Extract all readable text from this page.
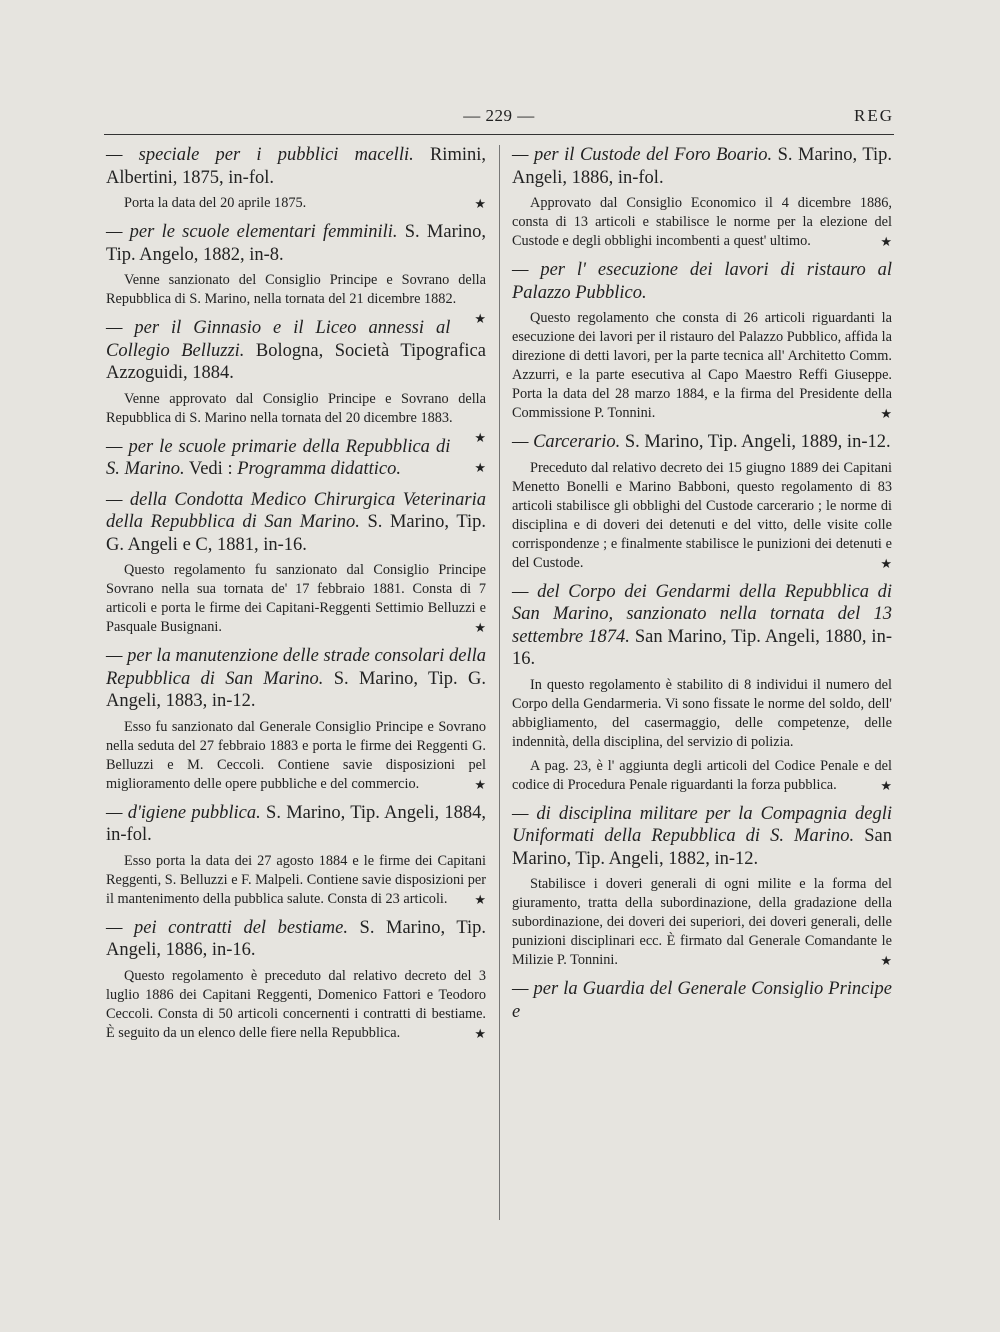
— 229 —	REG

— speciale per i pubblici macelli. Rimini, Albertini, 1875, in-fol.

Porta la data del 20 aprile 1875.	★

— per le scuole elementari femminili. S. Marino, Tip. Angelo, 1882, in-8.

Venne sanzionato del Consiglio Principe e Sovrano della Repubblica di S. Marino, nella tornata del 21 dicembre 1882.
★

— per il Ginnasio e il Liceo annessi al Collegio Belluzzi. Bologna, Società Tipografica Azzoguidi, 1884.

Venne approvato dal Consiglio Principe e Sovrano della Repubblica di S. Marino nella tornata del 20 dicembre 1883.
★

— per le scuole primarie della Repubblica di S. Marino. Vedi : Programma didattico.	★

— della Condotta Medico Chirurgica Veterinaria della Repubblica di San Marino. S. Marino, Tip. G. Angeli e C, 1881, in-16.

Questo regolamento fu sanzionato dal Consiglio Principe Sovrano nella sua tornata de' 17 febbraio 1881. Consta di 7 articoli e porta le firme dei Capitani-Reggenti Settimio Belluzzi e Pasquale Busignani.	★

— per la manutenzione delle strade consolari della Repubblica di San Marino. S. Marino, Tip. G. Angeli, 1883, in-12.

Esso fu sanzionato dal Generale Consiglio Principe e Sovrano nella seduta del 27 febbraio 1883 e porta le firme dei Reggenti G. Belluzzi e M. Ceccoli. Contiene savie disposizioni pel miglioramento delle opere pubbliche e del commercio.	★

— d'igiene pubblica. S. Marino, Tip. Angeli, 1884, in-fol.

Esso porta la data dei 27 agosto 1884 e le firme dei Capitani Reggenti, S. Belluzzi e F. Malpeli. Contiene savie disposizioni per il mantenimento della pubblica salute. Consta di 23 articoli.	★

— pei contratti del bestiame. S. Marino, Tip. Angeli, 1886, in-16.

Questo regolamento è preceduto dal relativo decreto del 3 luglio 1886 dei Capitani Reggenti, Domenico Fattori e Teodoro Ceccoli. Consta di 50 articoli concernenti i contratti di bestiame. È seguito da un elenco delle fiere nella Repubblica.	★

— per il Custode del Foro Boario. S. Marino, Tip. Angeli, 1886, in-fol.

Approvato dal Consiglio Economico il 4 dicembre 1886, consta di 13 articoli e stabilisce le norme per la elezione del Custode e degli obblighi incombenti a quest' ultimo.	★

— per l' esecuzione dei lavori di ristauro al Palazzo Pubblico.

Questo regolamento che consta di 26 articoli riguardanti la esecuzione dei lavori per il ristauro del Palazzo Pubblico, affida la direzione di detti lavori, per la parte tecnica all' Architetto Comm. Azzurri, e la parte esecutiva al Capo Maestro Reffi Giuseppe. Porta la data del 28 marzo 1884, e la firma del Presidente della Commissione P. Tonnini.	★

— Carcerario. S. Marino, Tip. Angeli, 1889, in-12.

Preceduto dal relativo decreto dei 15 giugno 1889 dei Capitani Menetto Bonelli e Marino Babboni, questo regolamento di 83 articoli stabilisce gli obblighi del Custode carcerario ; le norme di disciplina e di doveri dei detenuti e del vitto, delle visite colle corrispondenze ; e finalmente stabilisce le punizioni dei detenuti e del Custode.	★

— del Corpo dei Gendarmi della Repubblica di San Marino, sanzionato nella tornata del 13 settembre 1874. San Marino, Tip. Angeli, 1880, in-16.

In questo regolamento è stabilito di 8 individui il numero del Corpo della Gendarmeria. Vi sono fissate le norme del soldo, dell' abbigliamento, del casermaggio, delle competenze, delle indennità, della disciplina, del servizio di polizia.

A pag. 23, è l' aggiunta degli articoli del Codice Penale e del codice di Procedura Penale riguardanti la forza pubblica.	★

— di disciplina militare per la Compagnia degli Uniformati della Repubblica di S. Marino. San Marino, Tip. Angeli, 1882, in-12.

Stabilisce i doveri generali di ogni milite e la forma del giuramento, tratta della subordinazione, della gradazione della subordinazione, dei doveri dei superiori, dei doveri generali, delle punizioni disciplinari ecc. È firmato dal Generale Comandante le Milizie P. Tonnini.	★

— per la Guardia del Generale Consiglio Principe e
